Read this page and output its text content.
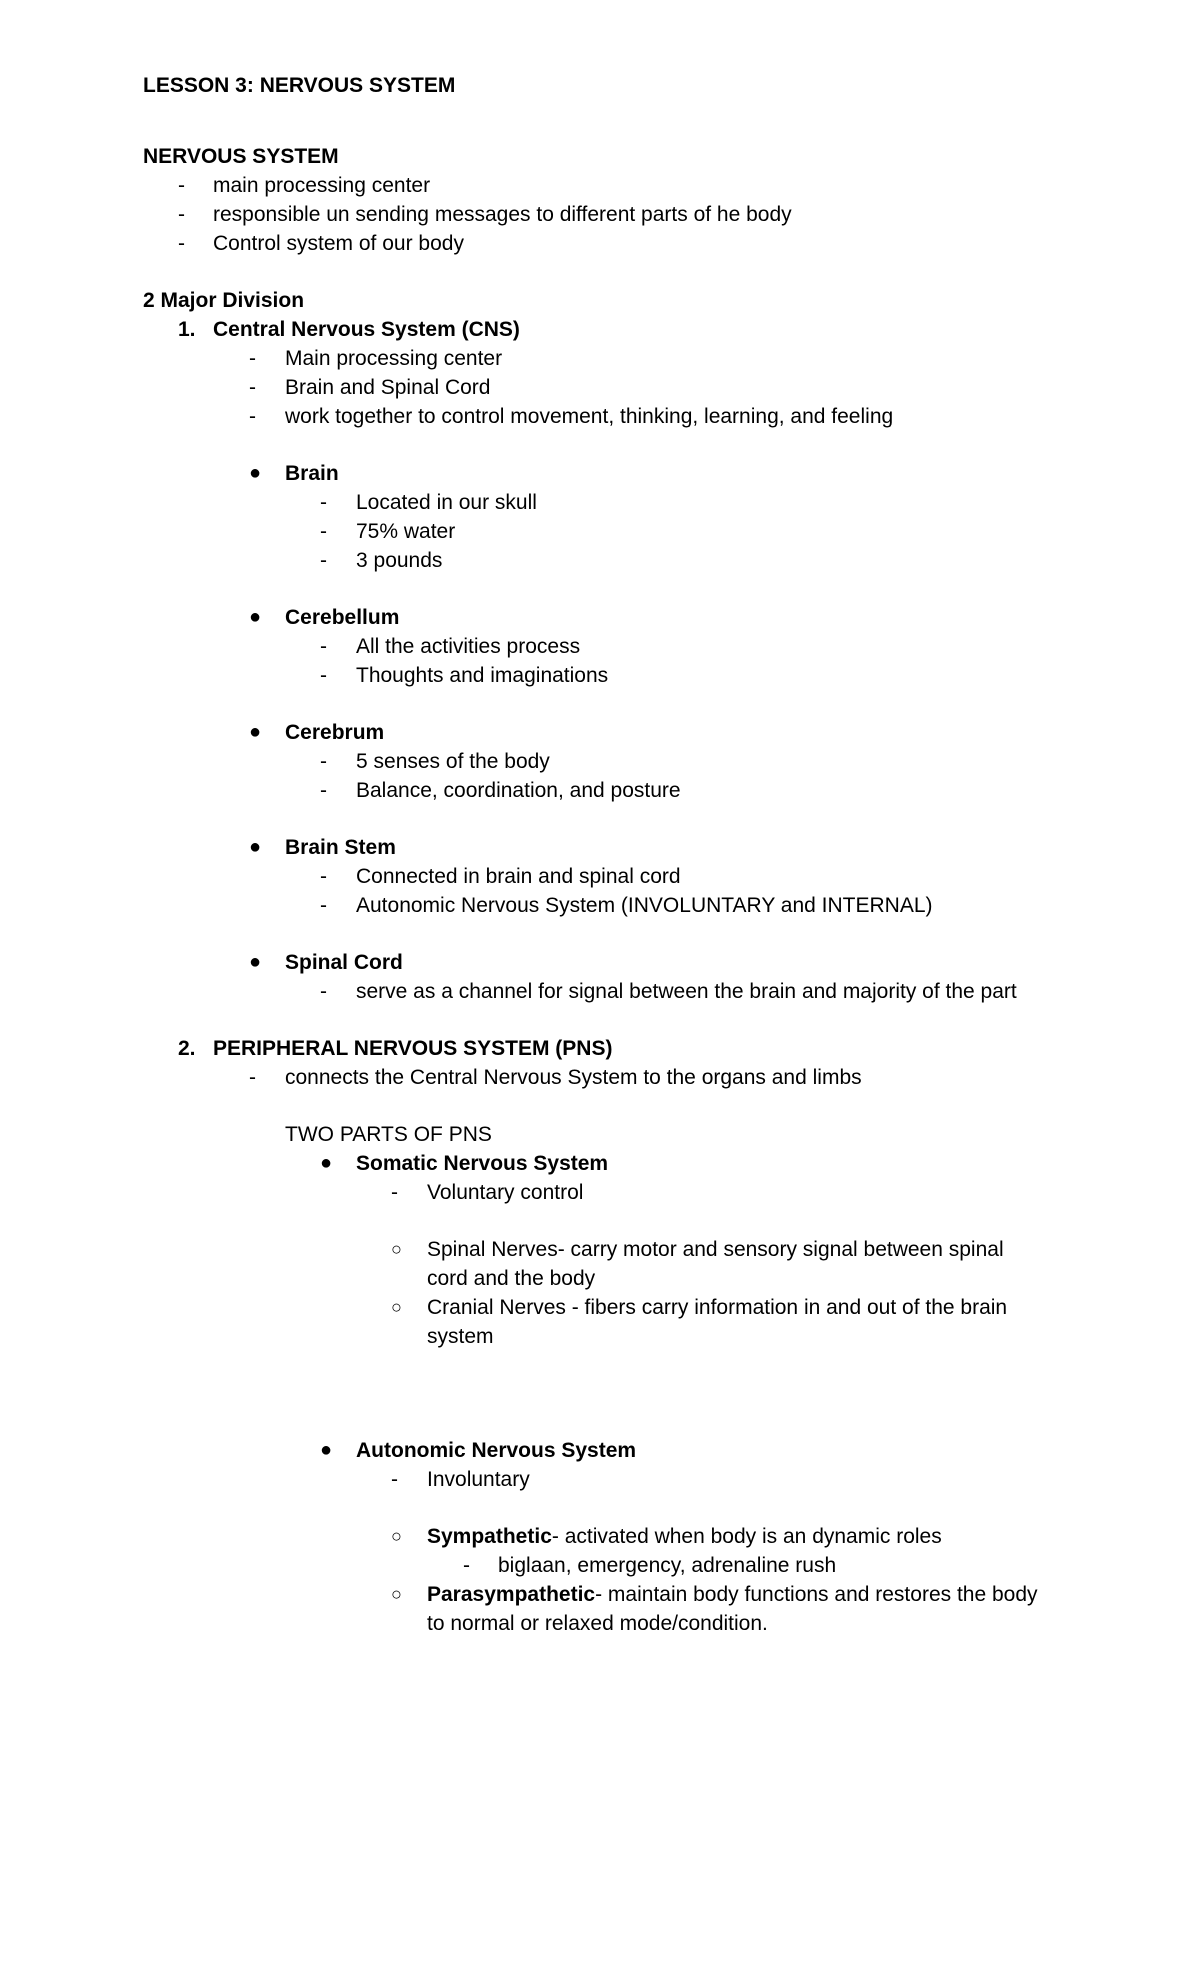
LESSON 3: NERVOUS SYSTEM
NERVOUS SYSTEM
-	main processing center
-	responsible un sending messages to different parts of he body
-	Control system of our body
2 Major Division
1. Central Nervous System (CNS)
-	Main processing center
-	Brain and Spinal Cord
-	work together to control movement, thinking, learning, and feeling
●	Brain
-	Located in our skull
-	75% water
-	3 pounds
●	Cerebellum
-	All the activities process
-	Thoughts and imaginations
●	Cerebrum
-	5 senses of the body
-	Balance, coordination, and posture
●	Brain Stem
-	Connected in brain and spinal cord
-	Autonomic Nervous System (INVOLUNTARY and INTERNAL)
●	Spinal Cord
-	serve as a channel for signal between the brain and majority of the part
2. PERIPHERAL NERVOUS SYSTEM (PNS)
-	connects the Central Nervous System to the organs and limbs
TWO PARTS OF PNS
●	Somatic Nervous System
-	Voluntary control
○	Spinal Nerves- carry motor and sensory signal between spinal
cord and the body
○	Cranial Nerves - fibers carry information in and out of the brain
system
●	Autonomic Nervous System
-	Involuntary
○	Sympathetic- activated when body is an dynamic roles
-	biglaan, emergency, adrenaline rush
○	Parasympathetic- maintain body functions and restores the body
to normal or relaxed mode/condition.
